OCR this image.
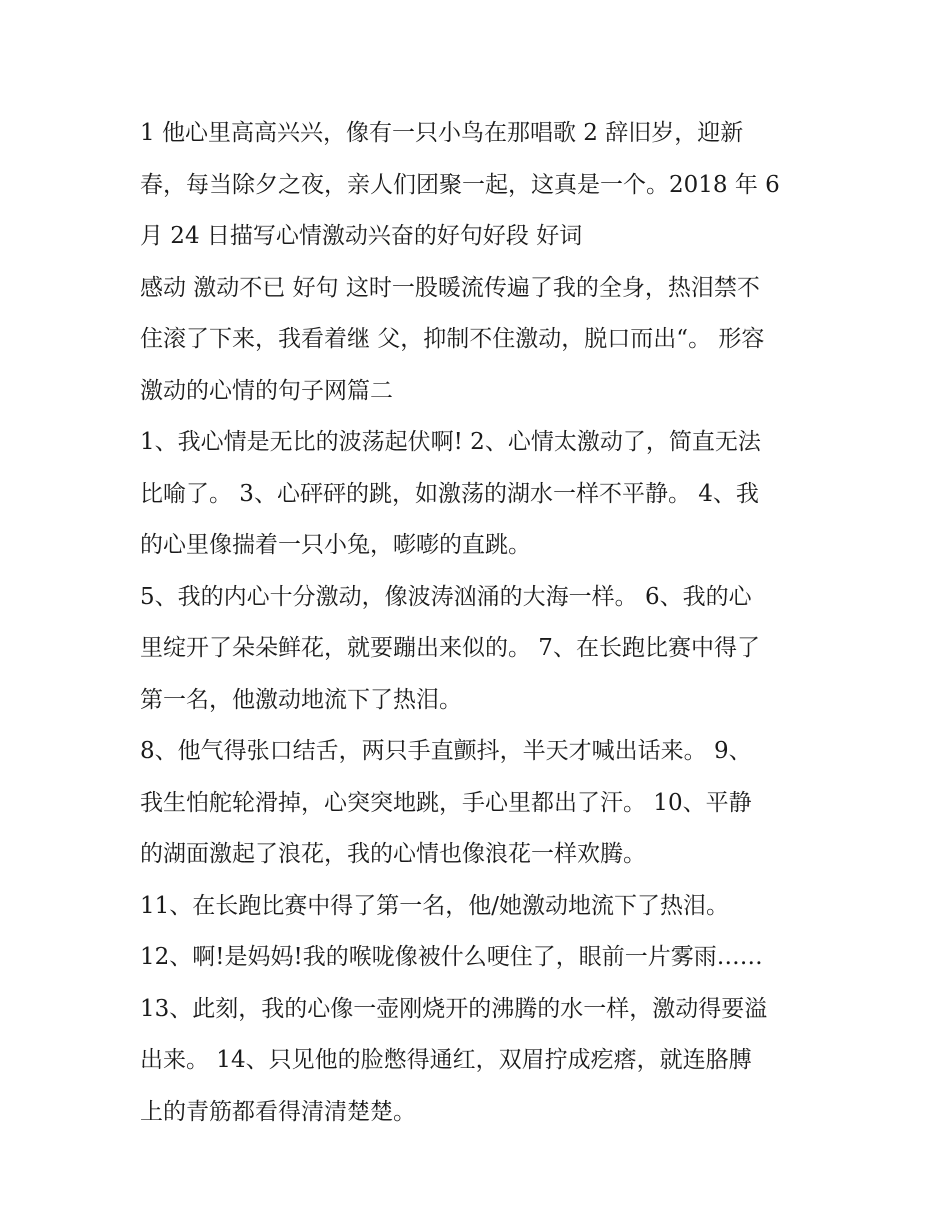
1 他心里高高兴兴，像有一只小鸟在那唱歌 2 辞旧岁，迎新
春，每当除夕之夜，亲人们团聚一起，这真是一个。2018 年 6
月 24 日描写心情激动兴奋的好句好段 好词

感动 激动不已 好句 这时一股暖流传遍了我的全身，热泪禁不
住滚了下来，我看着继 父，抑制不住激动，脱口而出“。 形容
激动的心情的句子网篇二

1、我心情是无比的波荡起伏啊! 2、心情太激动了，简直无法
比喻了。 3、心砰砰的跳，如激荡的湖水一样不平静。 4、我
的心里像揣着一只小兔，嘭嘭的直跳。

5、我的内心十分激动，像波涛汹涌的大海一样。 6、我的心
里绽开了朵朵鲜花，就要蹦出来似的。 7、在长跑比赛中得了
第一名，他激动地流下了热泪。

8、他气得张口结舌，两只手直颤抖，半天才喊出话来。 9、
我生怕舵轮滑掉，心突突地跳，手心里都出了汗。 10、平静
的湖面激起了浪花，我的心情也像浪花一样欢腾。

11、在长跑比赛中得了第一名，他/她激动地流下了热泪。

12、啊!是妈妈!我的喉咙像被什么哽住了，眼前一片雾雨……

13、此刻，我的心像一壶刚烧开的沸腾的水一样，激动得要溢
出来。 14、只见他的脸憋得通红，双眉拧成疙瘩，就连胳膊
上的青筋都看得清清楚楚。
